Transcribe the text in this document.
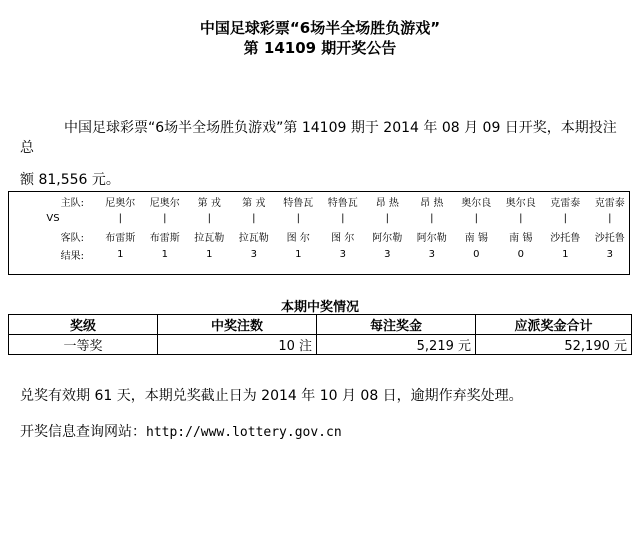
中国足球彩票“6场半全场胜负游戏”
第 14109 期开奖公告
中国足球彩票“6场半全场胜负游戏”第 14109 期于 2014 年 08 月 09 日开奖，本期投注总
额 81,556 元。
主队:	尼奥尔	尼奥尔	第 戎	第 戎	特鲁瓦	特鲁瓦	昂 热	昂 热	奥尔良	奥尔良	克雷泰	克雷泰
VS	|	|	|	|	|	|	|	|	|	|	|	|
客队:	布雷斯	布雷斯	拉瓦勒	拉瓦勒	图 尔	图 尔	阿尔勒	阿尔勒	南 锡	南 锡	沙托鲁	沙托鲁
结果:	1	1	1	3	1	3	3	3	0	0	1	3
本期中奖情况
奖级	中奖注数	每注奖金	应派奖金合计
一等奖	10 注	5,219 元	52,190 元
兑奖有效期 61 天，本期兑奖截止日为 2014 年 10 月 08 日，逾期作弃奖处理。
开奖信息查询网站：http://www.lottery.gov.cn
